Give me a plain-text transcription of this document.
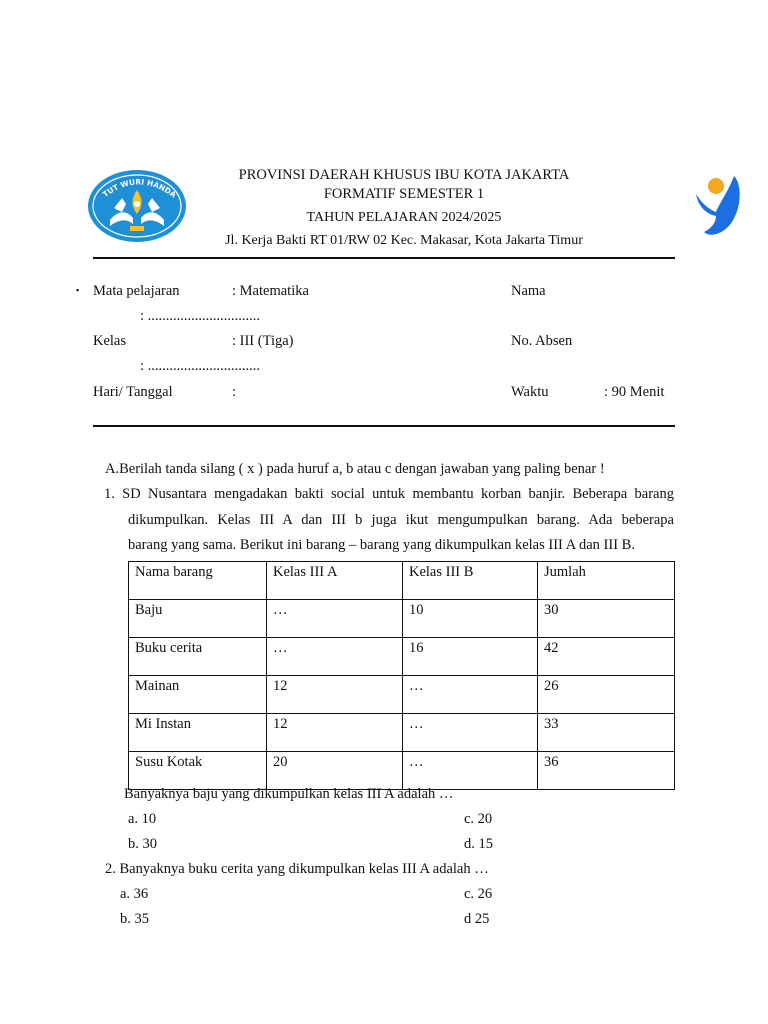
TUT WURI HANDA
PROVINSI DAERAH KHUSUS IBU KOTA JAKARTA
FORMATIF SEMESTER 1
TAHUN PELAJARAN 2024/2025
Jl. Kerja Bakti RT 01/RW 02 Kec. Makasar, Kota Jakarta Timur
▪ Mata pelajaran	: Matematika	Nama
: ...............................
Kelas	: III (Tiga)	No. Absen
: ...............................
Hari/ Tanggal	:	Waktu	: 90 Menit
A.Berilah tanda silang ( x ) pada huruf a, b atau c dengan jawaban yang paling benar !
1. SD Nusantara mengadakan bakti social untuk membantu korban banjir. Beberapa barang
dikumpulkan. Kelas III A dan III b juga ikut mengumpulkan barang. Ada beberapa
barang yang sama. Berikut ini barang – barang yang dikumpulkan kelas III A dan III B.
Nama barang	Kelas III A	Kelas III B	Jumlah
Baju	…	10	30
Buku cerita	…	16	42
Mainan	12	…	26
Mi Instan	12	…	33
Susu Kotak	20	…	36
Banyaknya baju yang dikumpulkan kelas III A adalah …
a. 10	c. 20
b. 30	d. 15
2. Banyaknya buku cerita yang dikumpulkan kelas III A adalah …
a. 36	c. 26
b. 35	d 25
